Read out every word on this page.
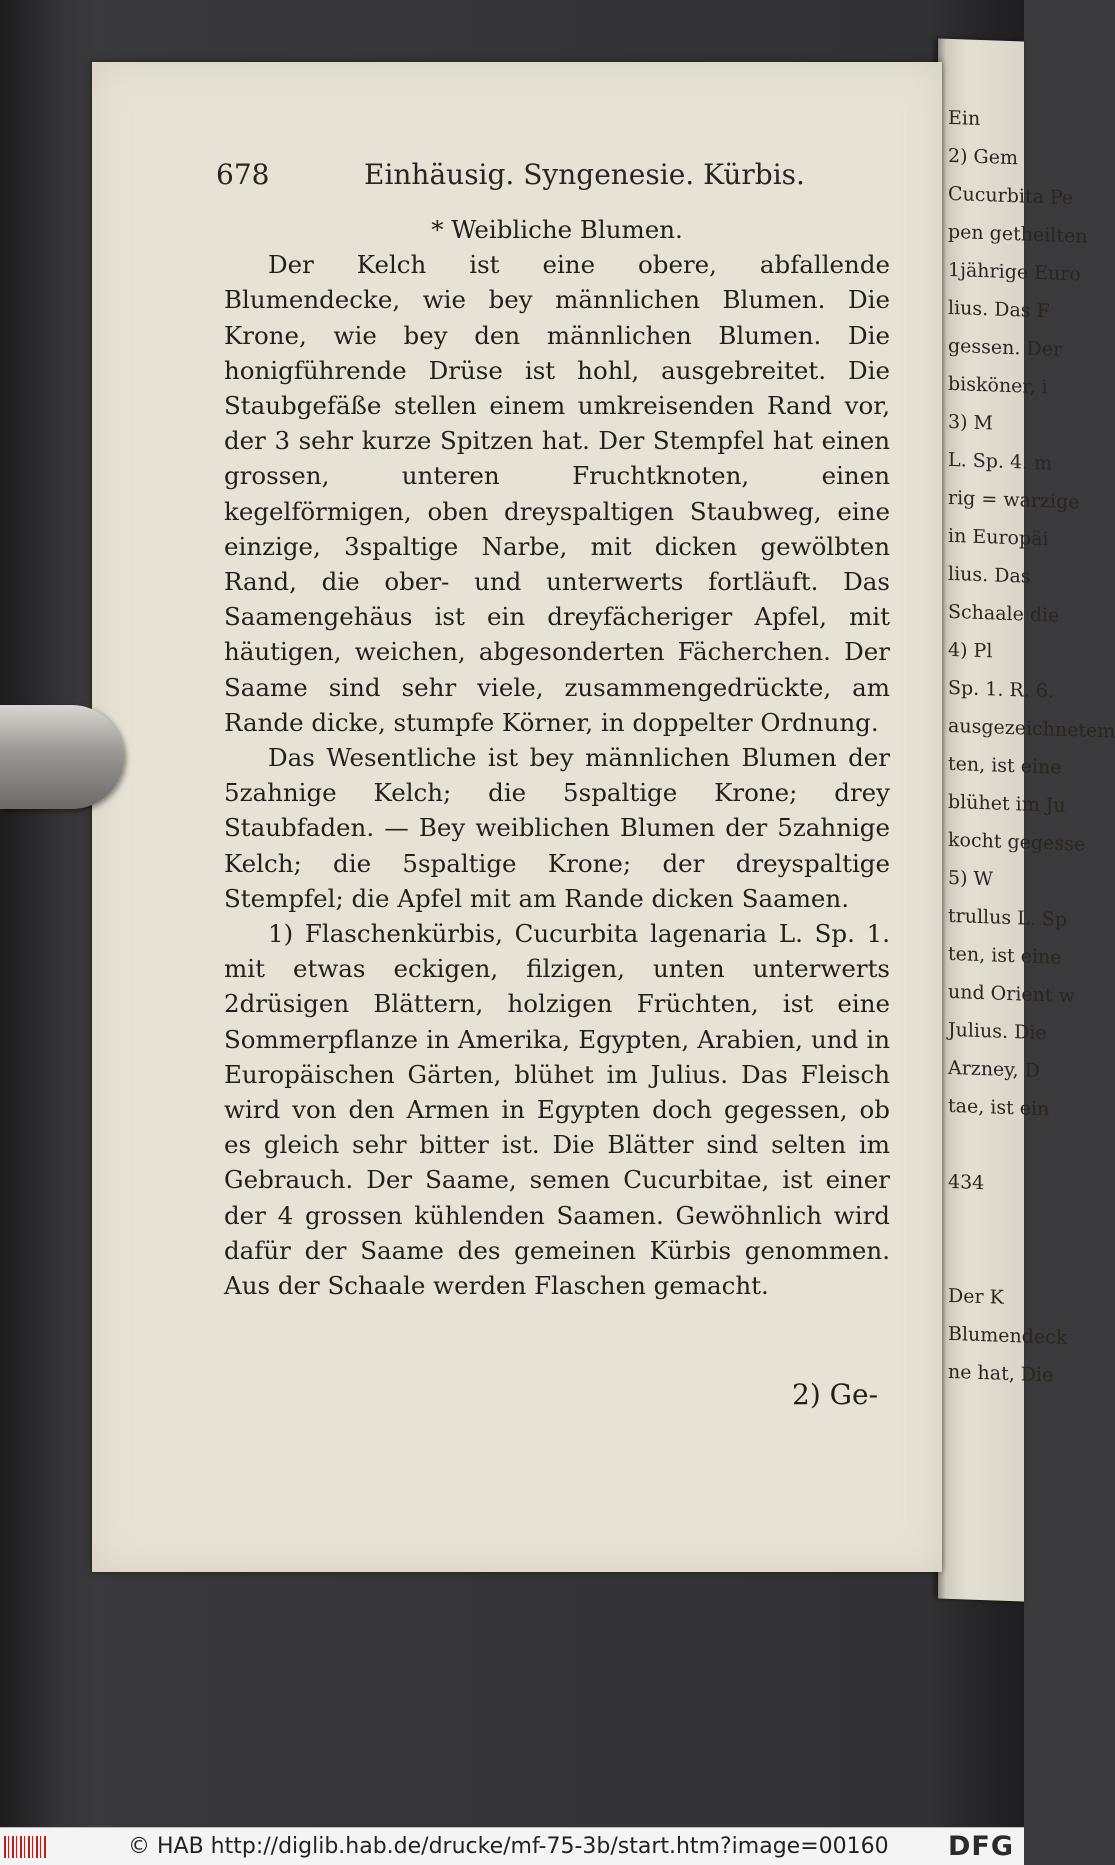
Ein
2) Gem
Cucurbita Pe
pen getheilten
1jährige Euro
lius. Das F
gessen. Der
bisköner, i
3) M
L. Sp. 4. m
rig = warzige
in Europäi
lius. Das
Schaale die
4) Pl
Sp. 1. R. 6.
ausgezeichnetem
ten, ist eine
blühet im Ju
kocht gegesse
5) W
trullus L. Sp
ten, ist eine
und Orient w
Julius. Die
Arzney, D
tae, ist ein
434
Der K
Blumendeck
ne hat, Die
678	Einhäusig. Syngenesie. Kürbis.

* Weibliche Blumen.

Der Kelch ist eine obere, abfallende Blumendecke, wie bey männlichen Blumen. Die Krone, wie bey den männlichen Blumen. Die honigführende Drüse ist hohl, ausgebreitet. Die Staubgefäße stellen einem umkreisenden Rand vor, der 3 sehr kurze Spitzen hat. Der Stempfel hat einen grossen, unteren Fruchtknoten, einen kegelförmigen, oben dreyspaltigen Staubweg, eine einzige, 3spaltige Narbe, mit dicken gewölbten Rand, die ober- und unterwerts fortläuft. Das Saamengehäus ist ein dreyfächeriger Apfel, mit häutigen, weichen, abgesonderten Fächerchen. Der Saame sind sehr viele, zusammengedrückte, am Rande dicke, stumpfe Körner, in doppelter Ordnung.

Das Wesentliche ist bey männlichen Blumen der 5zahnige Kelch; die 5spaltige Krone; drey Staubfaden. — Bey weiblichen Blumen der 5zahnige Kelch; die 5spaltige Krone; der dreyspaltige Stempfel; die Apfel mit am Rande dicken Saamen.

1) Flaschenkürbis, Cucurbita lagenaria L. Sp. 1. mit etwas eckigen, filzigen, unten unterwerts 2drüsigen Blättern, holzigen Früchten, ist eine Sommerpflanze in Amerika, Egypten, Arabien, und in Europäischen Gärten, blühet im Julius. Das Fleisch wird von den Armen in Egypten doch gegessen, ob es gleich sehr bitter ist. Die Blätter sind selten im Gebrauch. Der Saame, semen Cucurbitae, ist einer der 4 grossen kühlenden Saamen. Gewöhnlich wird dafür der Saame des gemeinen Kürbis genommen. Aus der Schaale werden Flaschen gemacht.

2) Ge-
© HAB http://diglib.hab.de/drucke/mf-75-3b/start.htm?image=00160 DFG
